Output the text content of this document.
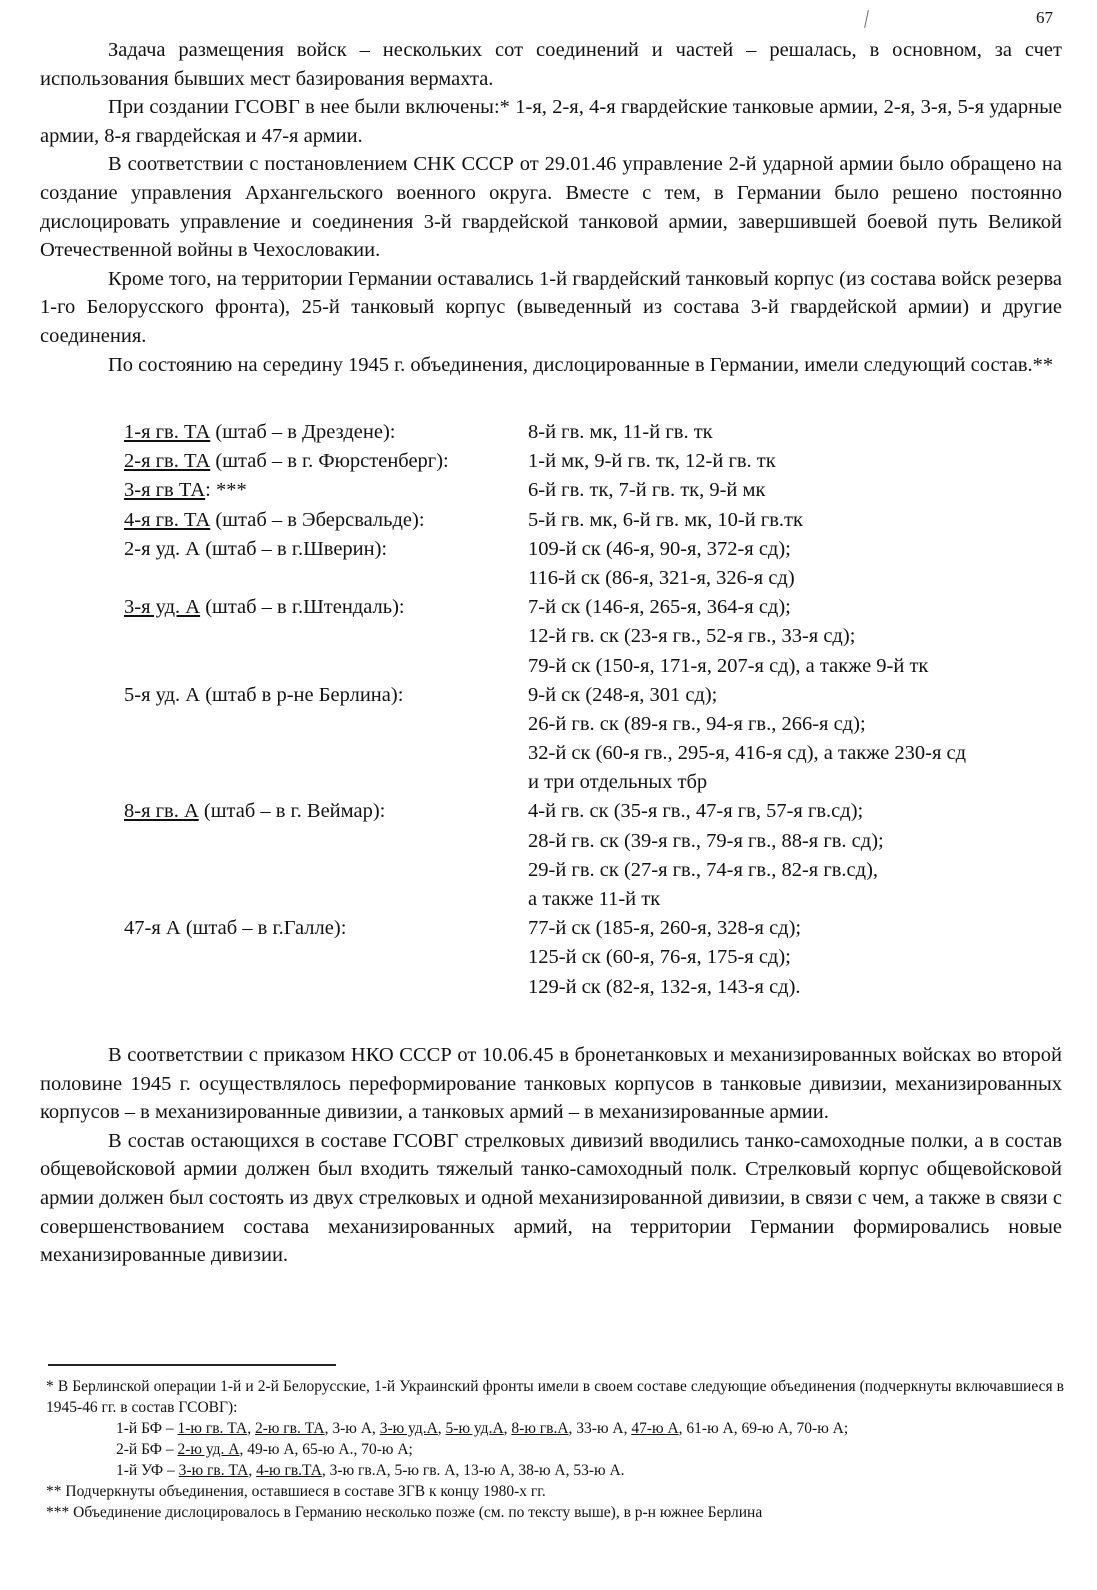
67

Задача размещения войск – нескольких сот соединений и частей – решалась, в основном, за счет использования бывших мест базирования вермахта.

При создании ГСОВГ в нее были включены:* 1-я, 2-я, 4-я гвардейские танковые армии, 2-я, 3-я, 5-я ударные армии, 8-я гвардейская и 47-я армии.

В соответствии с постановлением СНК СССР от 29.01.46 управление 2-й ударной армии было обращено на создание управления Архангельского военного округа. Вместе с тем, в Германии было решено постоянно дислоцировать управление и соединения 3-й гвардейской танковой армии, завершившей боевой путь Великой Отечественной войны в Чехословакии.

Кроме того, на территории Германии оставались 1-й гвардейский танковый корпус (из состава войск резерва 1-го Белорусского фронта), 25-й танковый корпус (выведенный из состава 3-й гвардейской армии) и другие соединения.

По состоянию на середину 1945 г. объединения, дислоцированные в Германии, имели следующий состав.**

1-я гв. ТА (штаб – в Дрездене):	8-й гв. мк, 11-й гв. тк
2-я гв. ТА (штаб – в г. Фюрстенберг):	1-й мк, 9-й гв. тк, 12-й гв. тк
3-я гв ТА: ***	6-й гв. тк, 7-й гв. тк, 9-й мк
4-я гв. ТА (штаб – в Эберсвальде):	5-й гв. мк, 6-й гв. мк, 10-й гв.тк
2-я уд. А (штаб – в г.Шверин):	109-й ск (46-я, 90-я, 372-я сд);
116-й ск (86-я, 321-я, 326-я сд)
3-я уд. А (штаб – в г.Штендаль):	7-й ск (146-я, 265-я, 364-я сд);
12-й гв. ск (23-я гв., 52-я гв., 33-я сд);
79-й ск (150-я, 171-я, 207-я сд), а также 9-й тк
5-я уд. А (штаб в р-не Берлина):	9-й ск (248-я, 301 сд);
26-й гв. ск (89-я гв., 94-я гв., 266-я сд);
32-й ск (60-я гв., 295-я, 416-я сд), а также 230-я сд
и три отдельных тбр
8-я гв. А (штаб – в г. Веймар):	4-й гв. ск (35-я гв., 47-я гв, 57-я гв.сд);
28-й гв. ск (39-я гв., 79-я гв., 88-я гв. сд);
29-й гв. ск (27-я гв., 74-я гв., 82-я гв.сд),
а также 11-й тк
47-я А (штаб – в г.Галле):	77-й ск (185-я, 260-я, 328-я сд);
125-й ск (60-я, 76-я, 175-я сд);
129-й ск (82-я, 132-я, 143-я сд).

В соответствии с приказом НКО СССР от 10.06.45 в бронетанковых и механизированных войсках во второй половине 1945 г. осуществлялось переформирование танковых корпусов в танковые дивизии, механизированных корпусов – в механизированные дивизии, а танковых армий – в механизированные армии.

В состав остающихся в составе ГСОВГ стрелковых дивизий вводились танко-самоходные полки, а в состав общевойсковой армии должен был входить тяжелый танко-самоходный полк. Стрелковый корпус общевойсковой армии должен был состоять из двух стрелковых и одной механизированной дивизии, в связи с чем, а также в связи с совершенствованием состава механизированных армий, на территории Германии формировались новые механизированные дивизии.

* В Берлинской операции 1-й и 2-й Белорусские, 1-й Украинский фронты имели в своем составе следующие объединения (подчеркнуты включавшиеся в 1945-46 гг. в состав ГСОВГ):
1-й БФ – 1-ю гв. ТА, 2-ю гв. ТА, 3-ю А, 3-ю уд.А, 5-ю уд.А, 8-ю гв.А, 33-ю А, 47-ю А, 61-ю А, 69-ю А, 70-ю А;
2-й БФ – 2-ю уд. А, 49-ю А, 65-ю А., 70-ю А;
1-й УФ – 3-ю гв. ТА, 4-ю гв.ТА, 3-ю гв.А, 5-ю гв. А, 13-ю А, 38-ю А, 53-ю А.
** Подчеркнуты объединения, оставшиеся в составе ЗГВ к концу 1980-х гг.
*** Объединение дислоцировалось в Германию несколько позже (см. по тексту выше), в р-н южнее Берлина
